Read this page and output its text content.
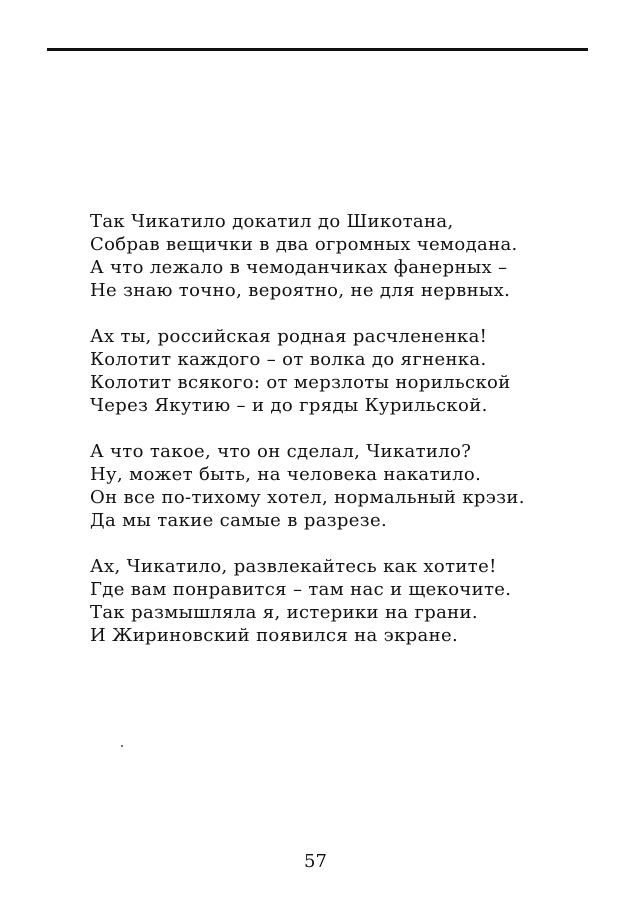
Так Чикатило докатил до Шикотана,
Собрав вещички в два огромных чемодана.
А что лежало в чемоданчиках фанерных –
Не знаю точно, вероятно, не для нервных.
Ах ты, российская родная расчлененка!
Колотит каждого – от волка до ягненка.
Колотит всякого: от мерзлоты норильской
Через Якутию – и до гряды Курильской.
А что такое, что он сделал, Чикатило?
Ну, может быть, на человека накатило.
Он все по-тихому хотел, нормальный крэзи.
Да мы такие самые в разрезе.
Ах, Чикатило, развлекайтесь как хотите!
Где вам понравится – там нас и щекочите.
Так размышляла я, истерики на грани.
И Жириновский появился на экране.
57
